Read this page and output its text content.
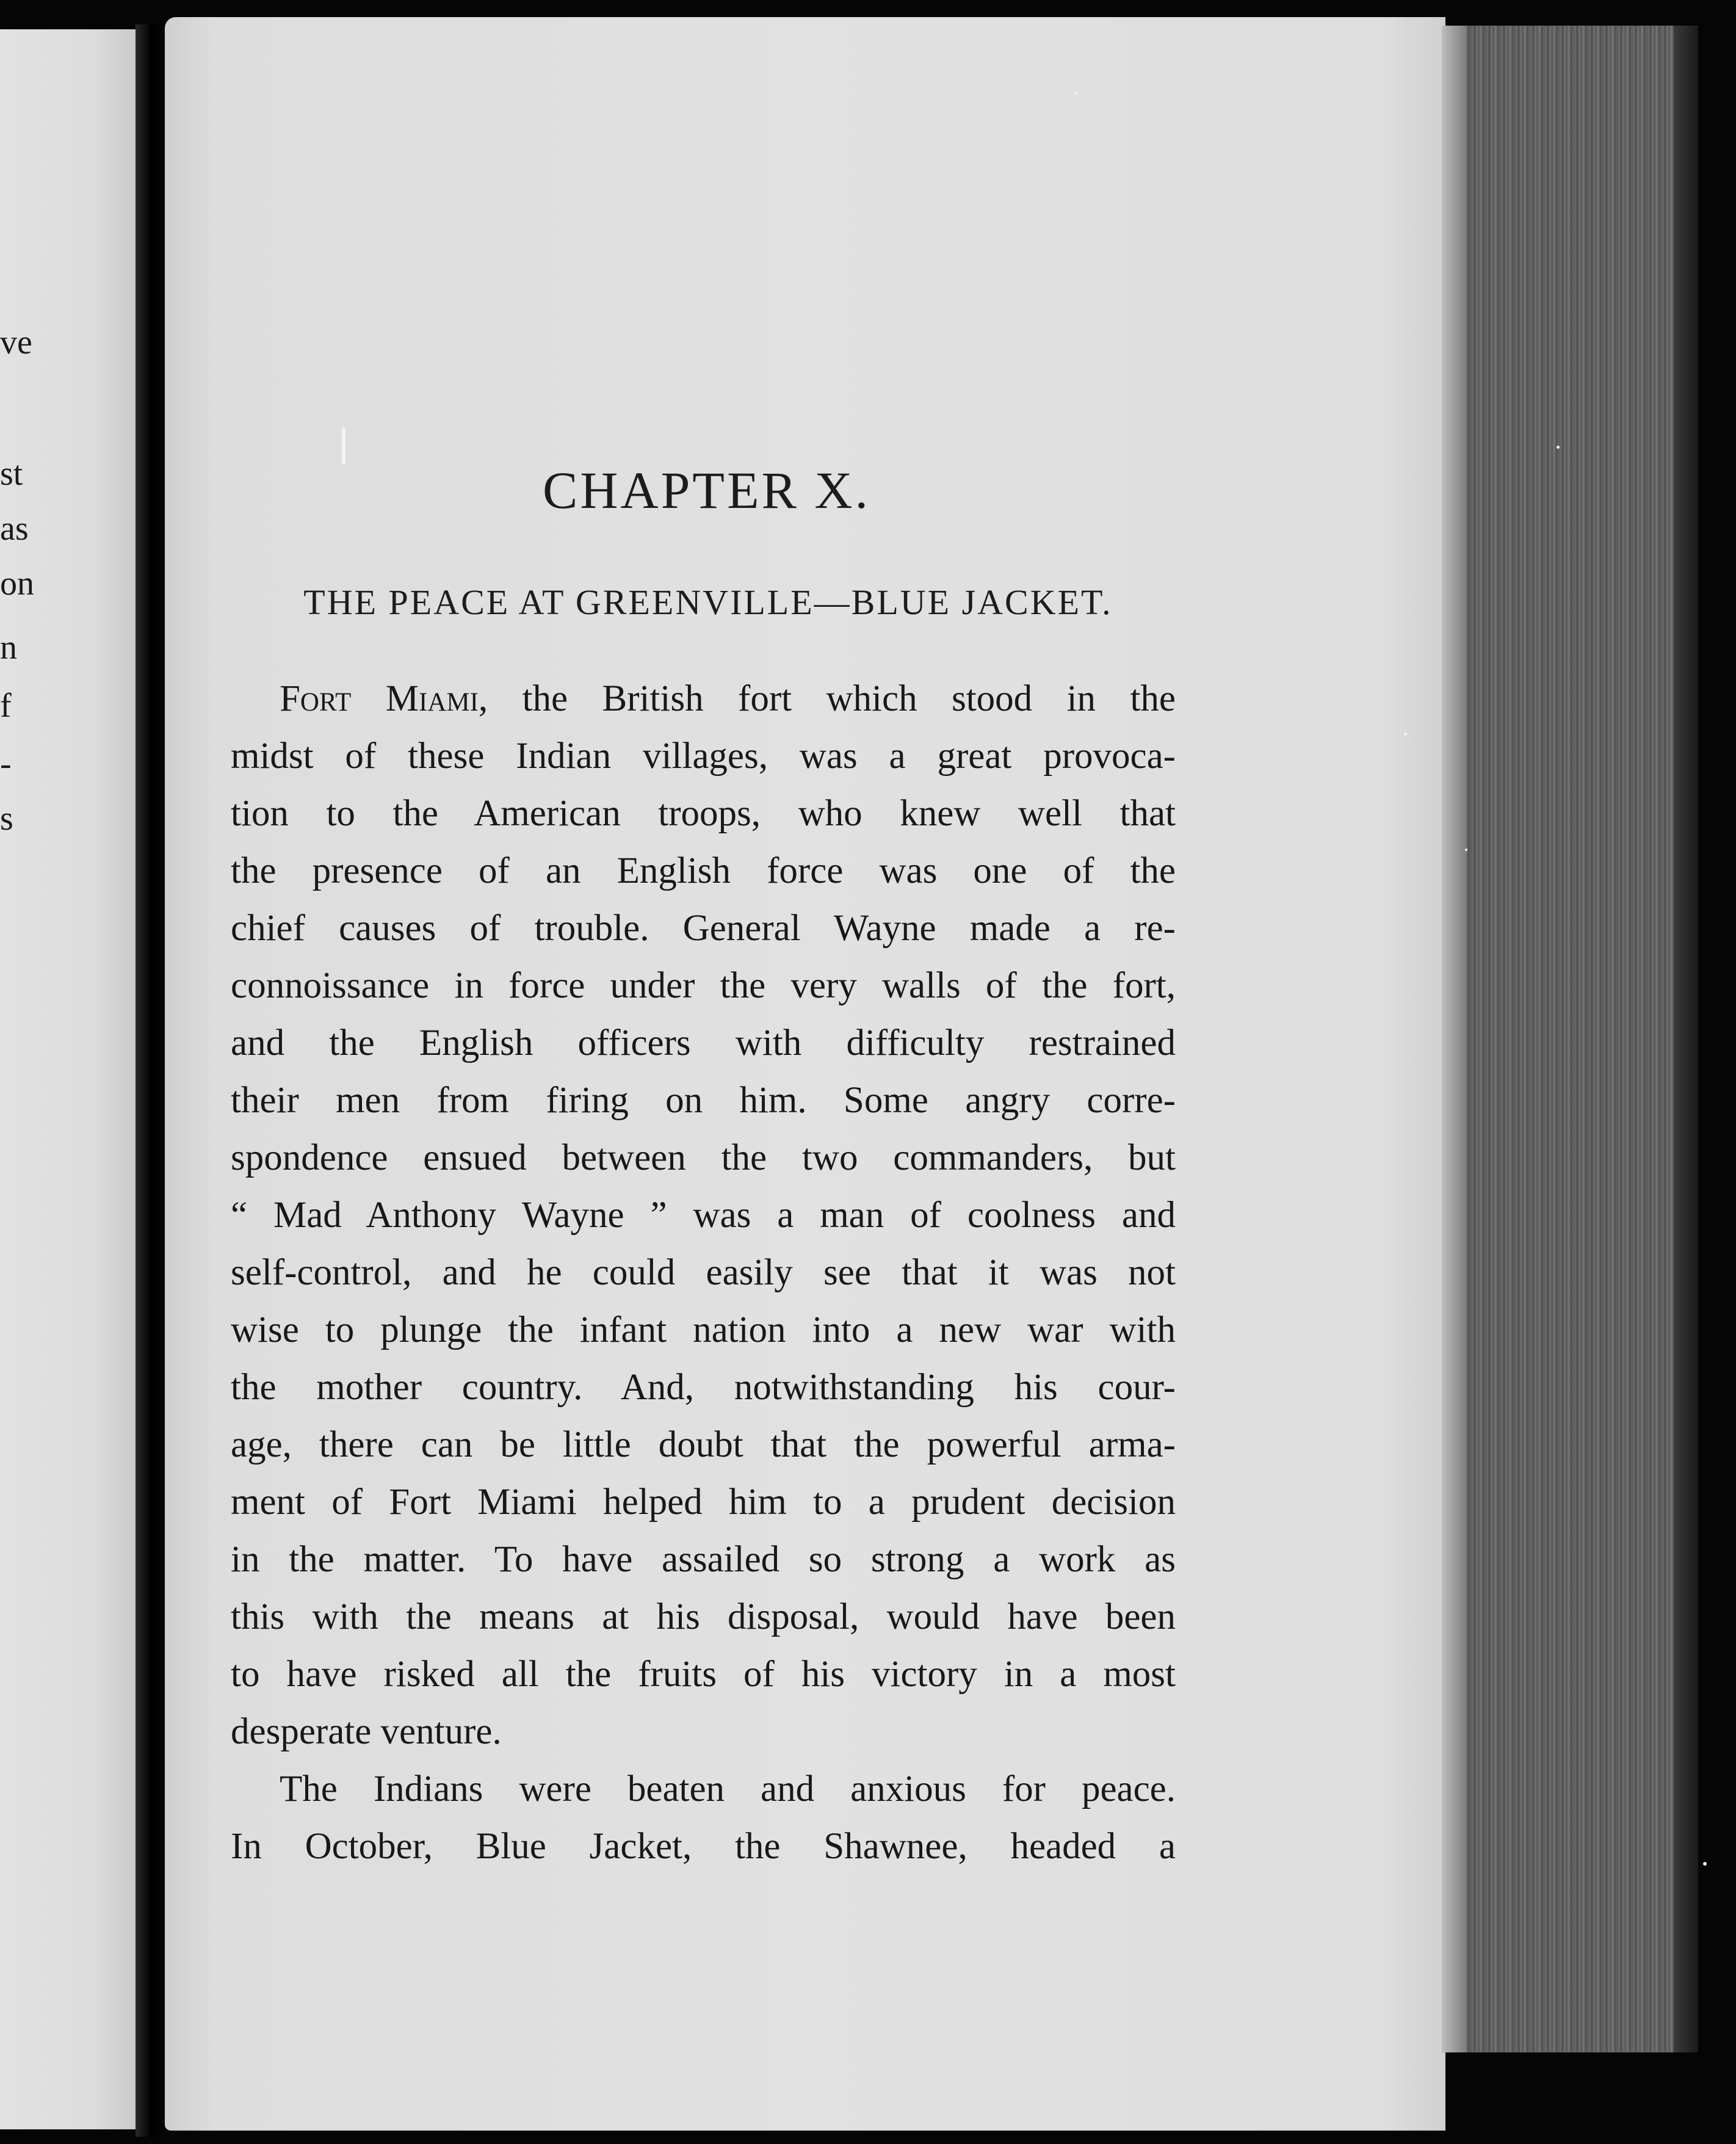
ve
st
as
on
n
f
-
s
CHAPTER X.
THE PEACE AT GREENVILLE—BLUE JACKET.
Fort Miami, the British fort which stood in the
midst of these Indian villages, was a great provoca-
tion to the American troops, who knew well that
the presence of an English force was one of the
chief causes of trouble. General Wayne made a re-
connoissance in force under the very walls of the fort,
and the English officers with difficulty restrained
their men from firing on him. Some angry corre-
spondence ensued between the two commanders, but
“ Mad Anthony Wayne ” was a man of coolness and
self-control, and he could easily see that it was not
wise to plunge the infant nation into a new war with
the mother country. And, notwithstanding his cour-
age, there can be little doubt that the powerful arma-
ment of Fort Miami helped him to a prudent decision
in the matter. To have assailed so strong a work as
this with the means at his disposal, would have been
to have risked all the fruits of his victory in a most
desperate venture.
The Indians were beaten and anxious for peace.
In October, Blue Jacket, the Shawnee, headed a
